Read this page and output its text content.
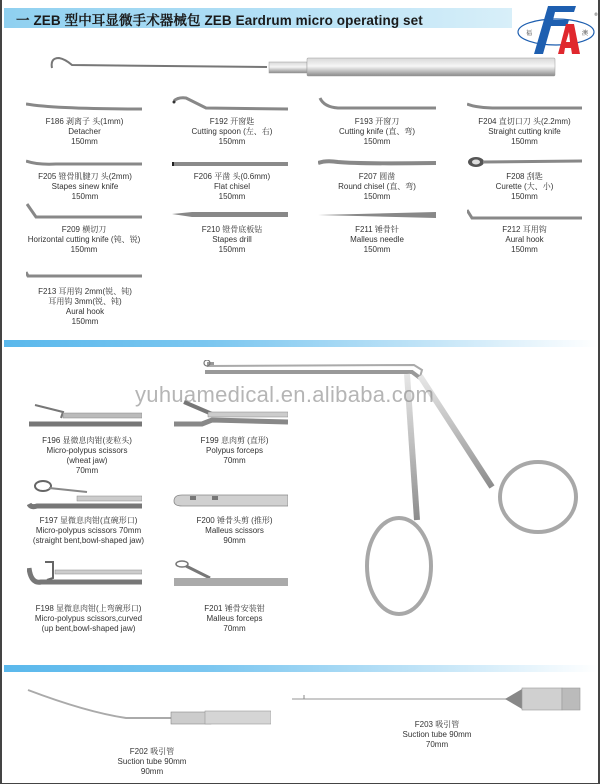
一 ZEB 型中耳显微手术器械包 ZEB Eardrum micro operating set
福	澳
®
F186 剥离子 头(1mm)
Detacher
150mm
F192 开窗匙
Cutting spoon (左、右)
150mm
F193 开窗刀
Cutting knife (直、弯)
150mm
F204 直切口刀 头(2.2mm)
Straight cutting knife
150mm
F205 镫骨肌腱刀 头(2mm)
Stapes sinew knife
150mm
F206 平凿 头(0.6mm)
Flat chisel
150mm
F207 圆凿
Round chisel (直、弯)
150mm
F208 刮匙
Curette (大、小)
150mm
F209 横切刀
Horizontal cutting knife (钝、锐)
150mm
F210 镫骨底板钻
Stapes drill
150mm
F211 锤骨针
Malleus needle
150mm
F212 耳用钩
Aural hook
150mm
F213 耳用钩 2mm(锐、钝)
耳用钩 3mm(锐、钝)
Aural hook
150mm
yuhuamedical.en.alibaba.com
F196 显微息肉钳(麦粒头)
Micro-polypus scissors
(wheat jaw)
70mm
F199 息肉剪 (直形)
Polypus forceps
70mm
F197 显微息肉钳(直碗形口)
Micro-polypus scissors 70mm
(straight bent,bowl-shaped jaw)
F200 锤骨头剪 (推形)
Malleus scissors
90mm
F198 显微息肉钳(上弯碗形口)
Micro-polypus scissors,curved
(up bent,bowl-shaped jaw)
F201 锤骨安装钳
Malleus forceps
70mm
F202 吸引管
Suction tube 90mm
90mm
F203 吸引管
Suction tube 90mm
70mm
